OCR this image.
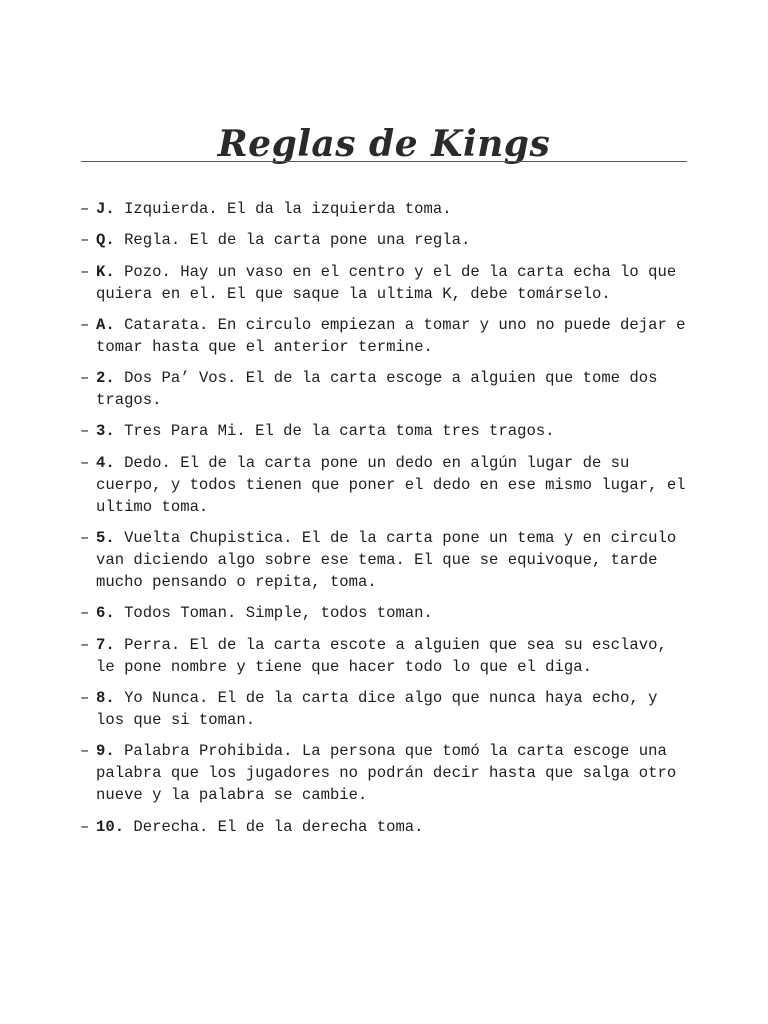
Reglas de Kings
– J. Izquierda. El da la izquierda toma.
– Q. Regla. El de la carta pone una regla.
– K. Pozo. Hay un vaso en el centro y el de la carta echa lo que quiera en el. El que saque la ultima K, debe tomárselo.
– A. Catarata. En circulo empiezan a tomar y uno no puede dejar e tomar hasta que el anterior termine.
– 2. Dos Pa’ Vos. El de la carta escoge a alguien que tome dos tragos.
– 3. Tres Para Mi. El de la carta toma tres tragos.
– 4. Dedo. El de la carta pone un dedo en algún lugar de su cuerpo, y todos tienen que poner el dedo en ese mismo lugar, el ultimo toma.
– 5. Vuelta Chupistica. El de la carta pone un tema y en circulo van diciendo algo sobre ese tema. El que se equivoque, tarde mucho pensando o repita, toma.
– 6. Todos Toman. Simple, todos toman.
– 7. Perra. El de la carta escote a alguien que sea su esclavo, le pone nombre y tiene que hacer todo lo que el diga.
– 8. Yo Nunca. El de la carta dice algo que nunca haya echo, y los que si toman.
– 9. Palabra Prohibida. La persona que tomó la carta escoge una palabra que los jugadores no podrán decir hasta que salga otro nueve y la palabra se cambie.
– 10. Derecha. El de la derecha toma.
